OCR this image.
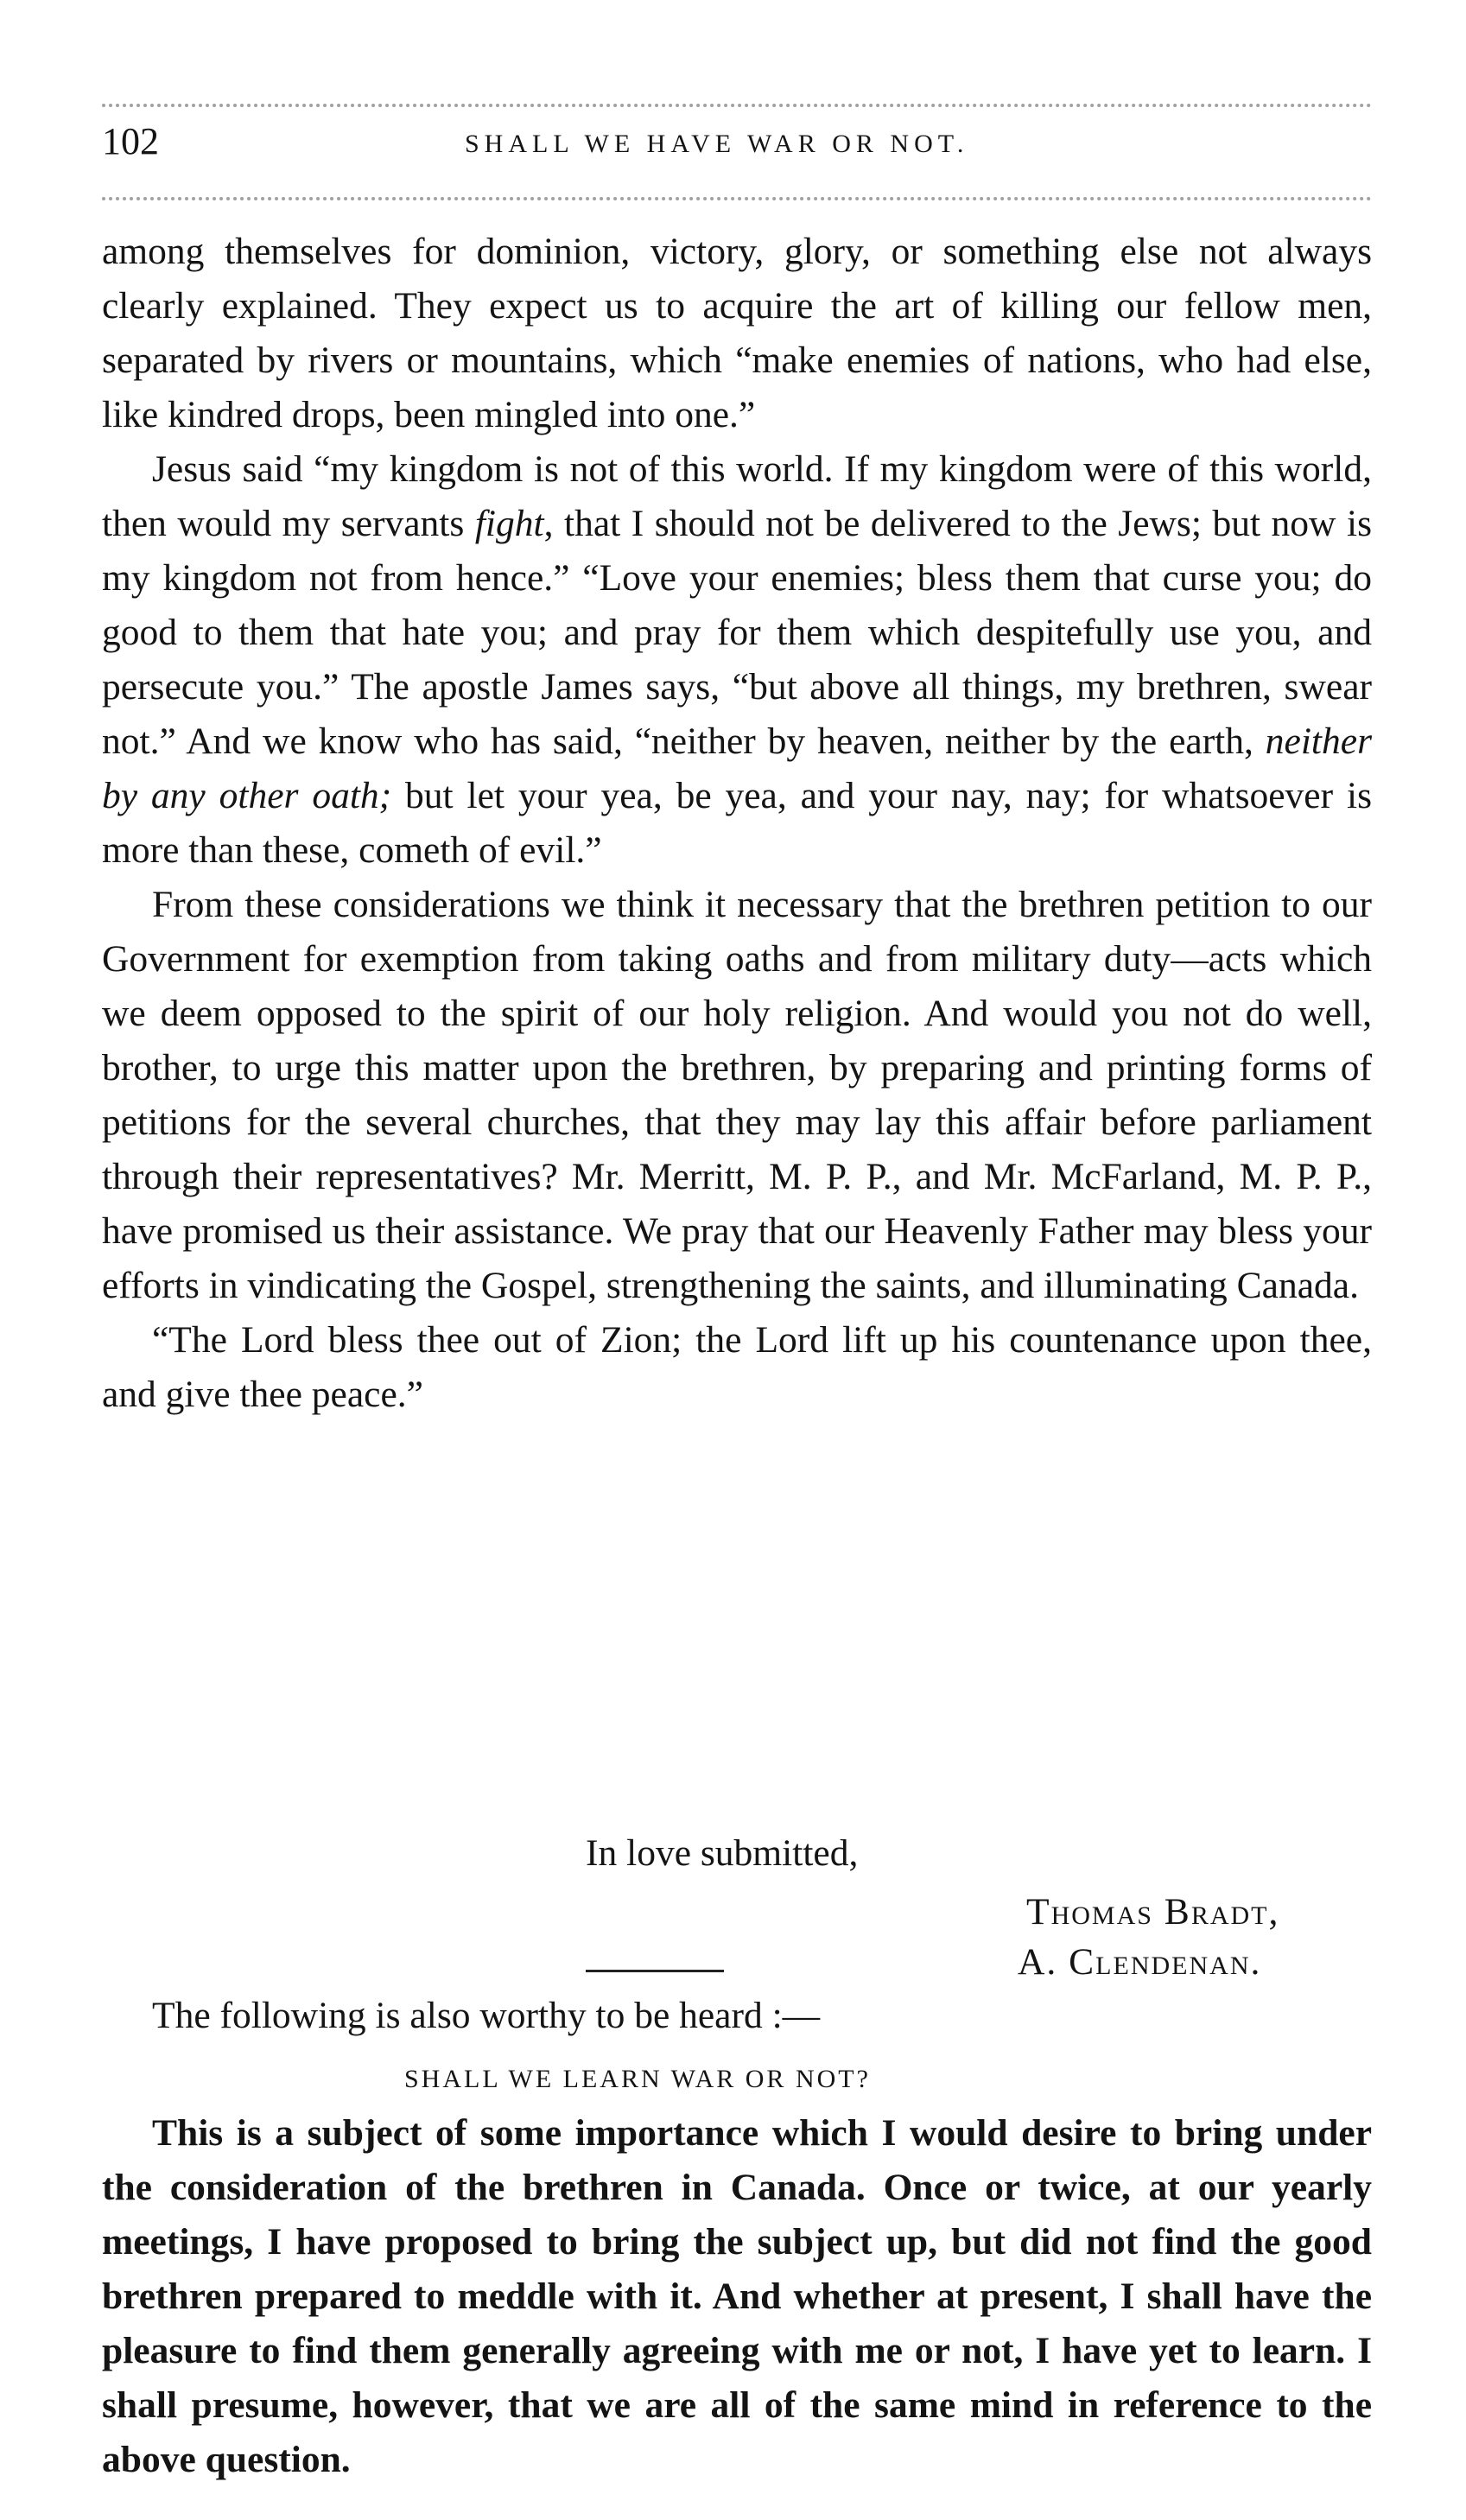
102	SHALL WE HAVE WAR OR NOT.

among themselves for dominion, victory, glory, or something else not always clearly explained. They expect us to acquire the art of killing our fellow men, separated by rivers or mountains, which “make enemies of nations, who had else, like kindred drops, been mingled into one.”

Jesus said “my kingdom is not of this world. If my kingdom were of this world, then would my servants fight, that I should not be delivered to the Jews; but now is my kingdom not from hence.” “Love your enemies; bless them that curse you; do good to them that hate you; and pray for them which despitefully use you, and persecute you.” The apostle James says, “but above all things, my brethren, swear not.” And we know who has said, “neither by heaven, neither by the earth, neither by any other oath; but let your yea, be yea, and your nay, nay; for whatsoever is more than these, cometh of evil.”

From these considerations we think it necessary that the brethren petition to our Government for exemption from taking oaths and from military duty—acts which we deem opposed to the spirit of our holy religion. And would you not do well, brother, to urge this matter upon the brethren, by preparing and printing forms of petitions for the several churches, that they may lay this affair before parliament through their representatives? Mr. Merritt, M. P. P., and Mr. McFarland, M. P. P., have promised us their assistance. We pray that our Heavenly Father may bless your efforts in vindicating the Gospel, strengthening the saints, and illuminating Canada.

“The Lord bless thee out of Zion; the Lord lift up his countenance upon thee, and give thee peace.”

In love submitted,
Thomas Bradt,
A. Clendenan.
The following is also worthy to be heard :—
SHALL WE LEARN WAR OR NOT?

This is a subject of some importance which I would desire to bring under the consideration of the brethren in Canada. Once or twice, at our yearly meetings, I have proposed to bring the subject up, but did not find the good brethren prepared to meddle with it. And whether at present, I shall have the pleasure to find them generally agreeing with me or not, I have yet to learn. I shall presume, however, that we are all of the same mind in reference to the above question.
